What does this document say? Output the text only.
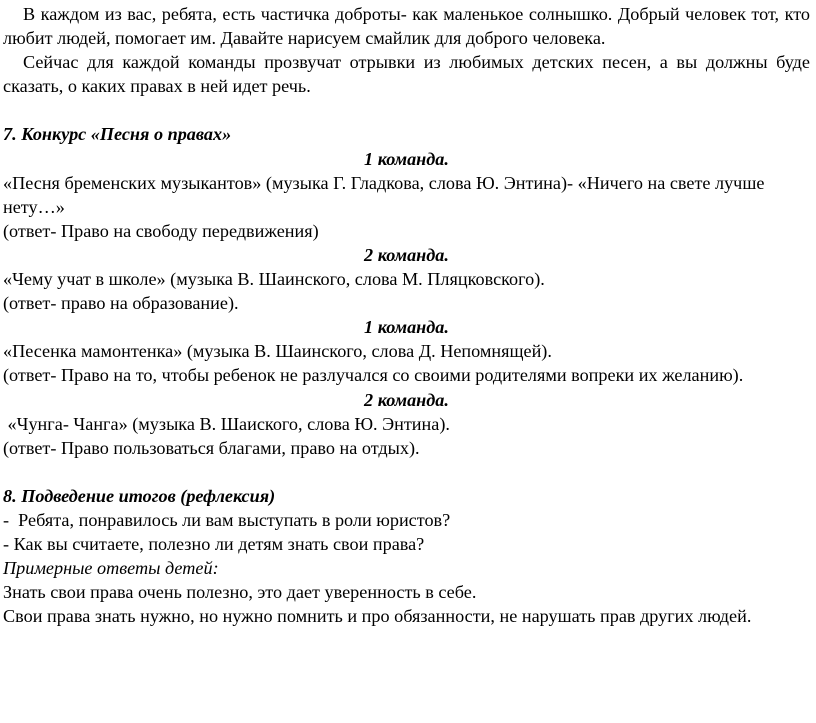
В каждом из вас, ребята, есть частичка доброты- как маленькое солнышко. Добрый человек тот, кто любит людей, помогает им. Давайте нарисуем смайлик для доброго человека.

Сейчас для каждой команды прозвучат отрывки из любимых детских песен, а вы должны буде сказать, о каких правах в ней идет речь.

7. Конкурс «Песня о правах»

1 команда.

«Песня бременских музыкантов» (музыка Г. Гладкова, слова Ю. Энтина)- «Ничего на свете лучше нету…»

(ответ- Право на свободу передвижения)

2 команда.

«Чему учат в школе» (музыка В. Шаинского, слова М. Пляцковского).

(ответ- право на образование).

1 команда.

«Песенка мамонтенка» (музыка В. Шаинского, слова Д. Непомнящей).

(ответ- Право на то, чтобы ребенок не разлучался со своими родителями вопреки их желанию).

2 команда.

«Чунга- Чанга» (музыка В. Шаиского, слова Ю. Энтина).

(ответ- Право пользоваться благами, право на отдых).

8. Подведение итогов (рефлексия)

-  Ребята, понравилось ли вам выступать в роли юристов?

- Как вы считаете, полезно ли детям знать свои права?

Примерные ответы детей:

Знать свои права очень полезно, это дает уверенность в себе.

Свои права знать нужно, но нужно помнить и про обязанности, не нарушать прав других людей.
